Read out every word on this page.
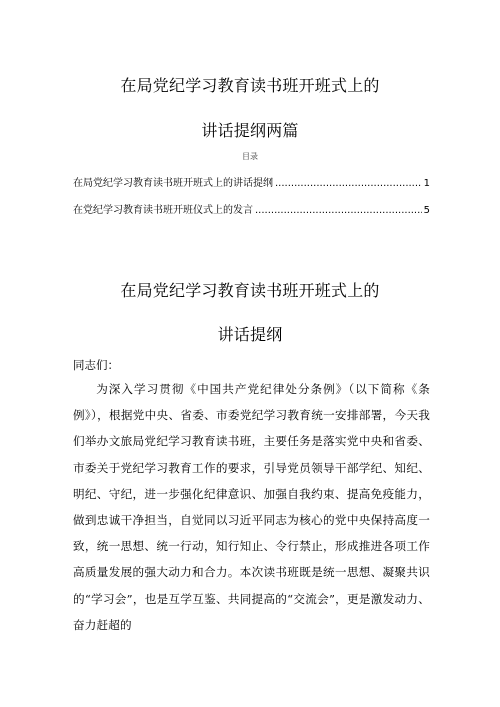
在局党纪学习教育读书班开班式上的
讲话提纲两篇
目录
在局党纪学习教育读书班开班式上的讲话提纲 .....	1
在党纪学习教育读书班开班仪式上的发言 .....	5
在局党纪学习教育读书班开班式上的
讲话提纲

同志们：

为深入学习贯彻《中国共产党纪律处分条例》（以下简称《条例》），根据党中央、省委、市委党纪学习教育统一安排部署，今天我们举办文旅局党纪学习教育读书班，主要任务是落实党中央和省委、市委关于党纪学习教育工作的要求，引导党员领导干部学纪、知纪、明纪、守纪，进一步强化纪律意识、加强自我约束、提高免疫能力，做到忠诚干净担当，自觉同以习近平同志为核心的党中央保持高度一致，统一思想、统一行动，知行知止、令行禁止，形成推进各项工作高质量发展的强大动力和合力。本次读书班既是统一思想、凝聚共识的“学习会”，也是互学互鉴、共同提高的“交流会”，更是激发动力、奋力赶超的
